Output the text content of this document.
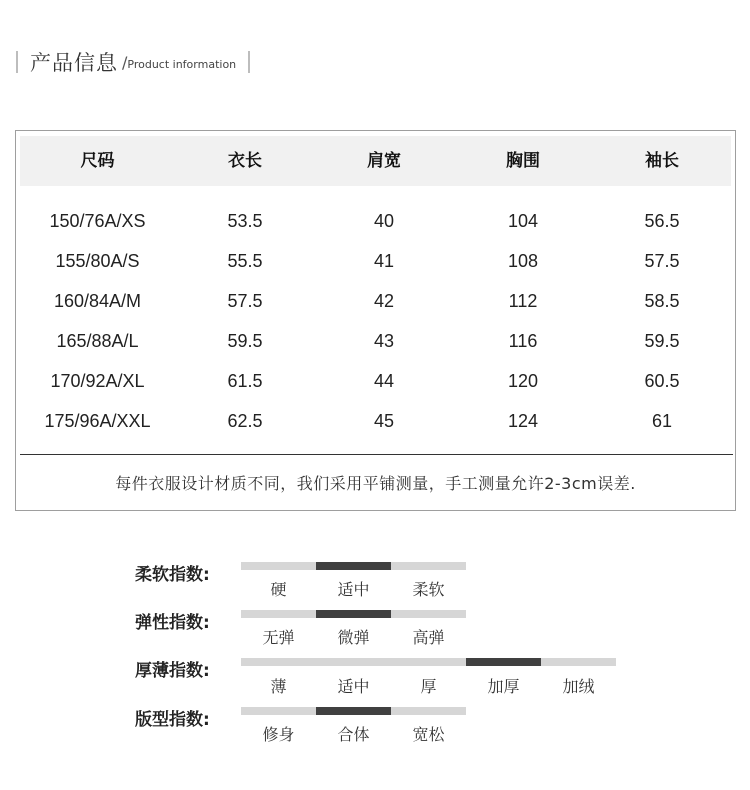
产品信息 / Product information
尺码	衣长	肩宽	胸围	袖长
150/76A/XS	53.5	40	104	56.5
155/80A/S	55.5	41	108	57.5
160/84A/M	57.5	42	112	58.5
165/88A/L	59.5	43	116	59.5
170/92A/XL	61.5	44	120	60.5
175/96A/XXL	62.5	45	124	61
每件衣服设计材质不同，我们采用平铺测量，手工测量允许2-3cm误差.
柔软指数:
硬	适中	柔软
弹性指数:
无弹	微弹	高弹
厚薄指数:
薄	适中	厚	加厚	加绒
版型指数:
修身	合体	宽松
